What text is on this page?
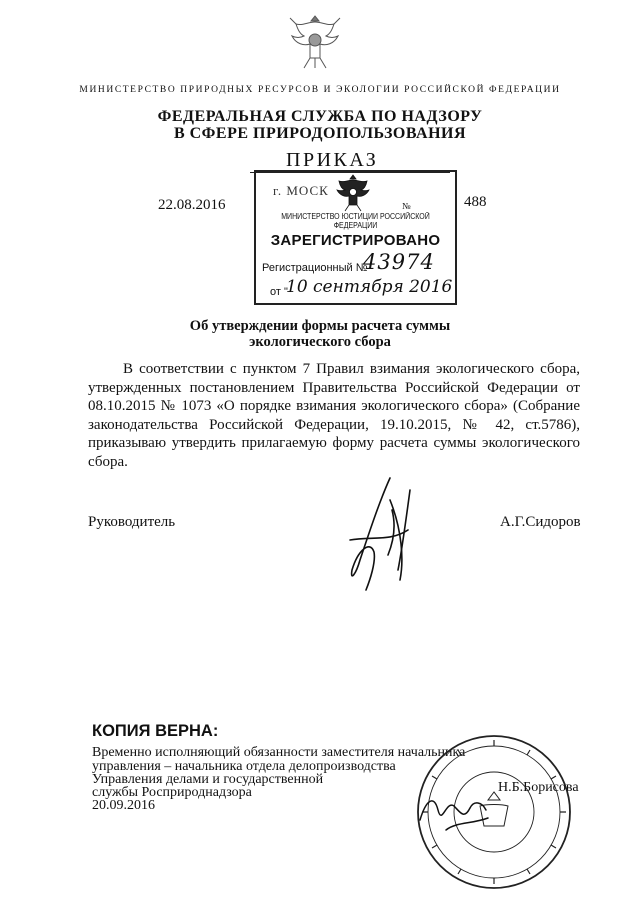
МИНИСТЕРСТВО ПРИРОДНЫХ РЕСУРСОВ И ЭКОЛОГИИ РОССИЙСКОЙ ФЕДЕРАЦИИ
ФЕДЕРАЛЬНАЯ СЛУЖБА ПО НАДЗОРУ
В СФЕРЕ ПРИРОДОПОЛЬЗОВАНИЯ
ПРИКАЗ
22.08.2016
г. МОСК
№	488
МИНИСТЕРСТВО ЮСТИЦИИ РОССИЙСКОЙ ФЕДЕРАЦИИ
ЗАРЕГИСТРИРОВАНО
Регистрационный №
43974
от "
10 сентября 2016
Об утверждении формы расчета суммы
экологического сбора
В соответствии с пунктом 7 Правил взимания экологического сбора, утвержденных постановлением Правительства Российской Федерации от 08.10.2015 № 1073 «О порядке взимания экологического сбора» (Собрание законодательства Российской Федерации, 19.10.2015, № 42, ст.5786), приказываю утвердить прилагаемую форму расчета суммы экологического сбора.
Руководитель	А.Г.Сидоров
КОПИЯ ВЕРНА:
Временно исполняющий обязанности заместителя начальника
управления – начальника отдела делопроизводства
Управления делами и государственной
службы Росприроднадзора
20.09.2016
Н.Б.Борисова
